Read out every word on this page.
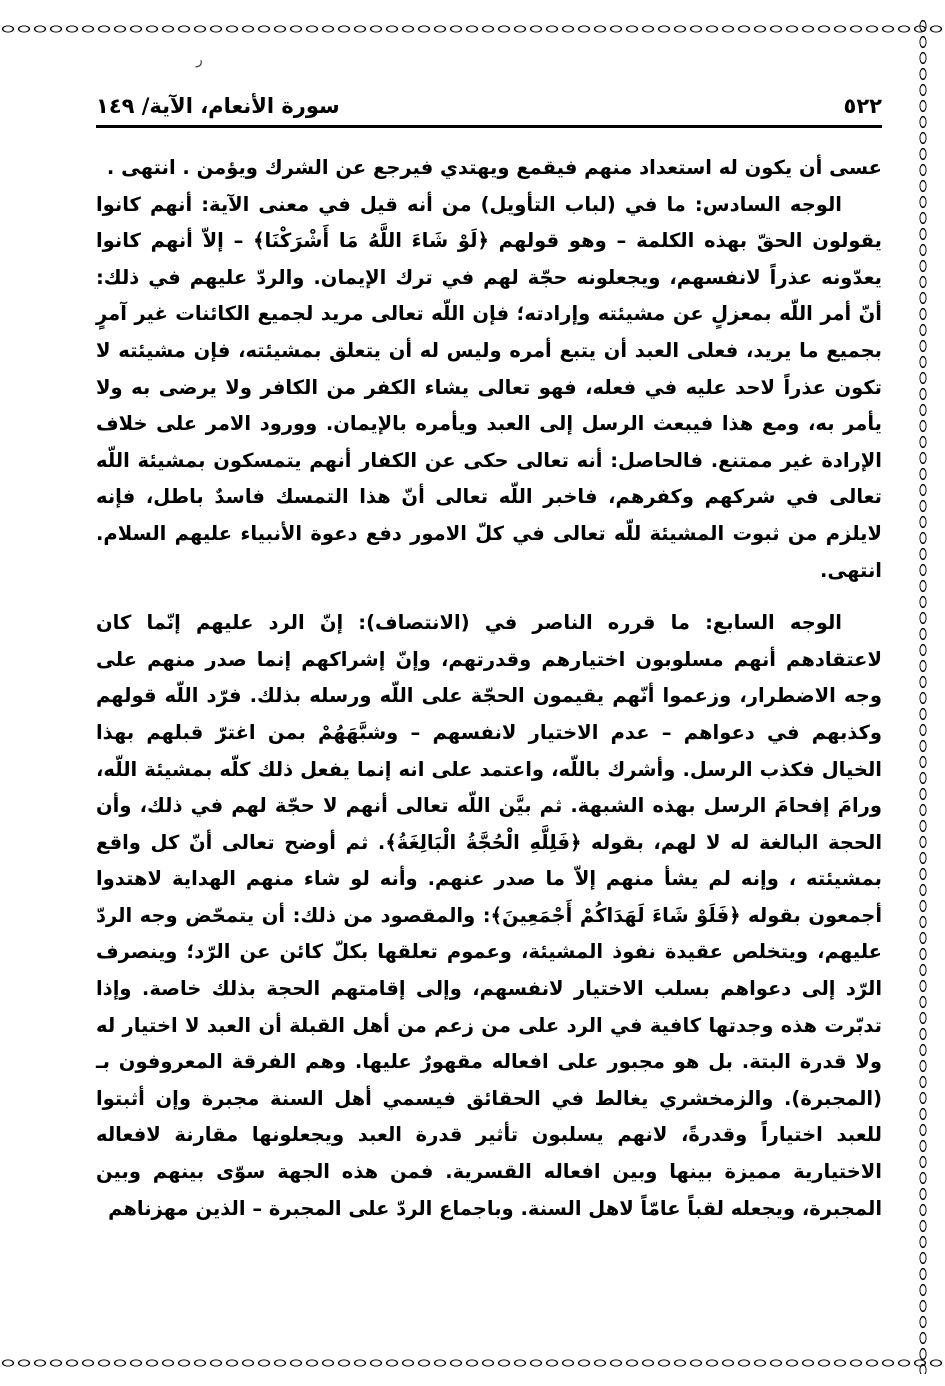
ر
٥٢٢
سورة الأنعام، الآية/ ١٤٩

عسى أن يكون له استعداد منهم فيقمع ويهتدي فيرجع عن الشرك ويؤمن . انتهى .

الوجه السادس: ما في (لباب التأويل) من أنه قيل في معنى الآية: أنهم كانوا يقولون الحقّ بهذه الكلمة – وهو قولهم ﴿لَوْ شَاءَ اللَّهُ مَا أَشْرَكْنَا﴾ – إلاّ أنهم كانوا يعدّونه عذراً لانفسهم، ويجعلونه حجّة لهم في ترك الإيمان. والردّ عليهم في ذلك: أنّ أمر اللّه بمعزلٍ عن مشيئته وإرادته؛ فإن اللّه تعالى مريد لجميع الكائنات غير آمرٍ بجميع ما يريد، فعلى العبد أن يتبع أمره وليس له أن يتعلق بمشيئته، فإن مشيئته لا تكون عذراً لاحد عليه في فعله، فهو تعالى يشاء الكفر من الكافر ولا يرضى به ولا يأمر به، ومع هذا فيبعث الرسل إلى العبد ويأمره بالإيمان. وورود الامر على خلاف الإرادة غير ممتنع. فالحاصل: أنه تعالى حكى عن الكفار أنهم يتمسكون بمشيئة اللّه تعالى في شركهم وكفرهم، فاخبر اللّه تعالى أنّ هذا التمسك فاسدٌ باطل، فإنه لايلزم من ثبوت المشيئة للّه تعالى في كلّ الامور دفع دعوة الأنبياء عليهم السلام. انتهى.

الوجه السابع: ما قرره الناصر في (الانتصاف): إنّ الرد عليهم إنّما كان لاعتقادهم أنهم مسلوبون اختيارهم وقدرتهم، وإنّ إشراكهم إنما صدر منهم على وجه الاضطرار، وزعموا أنّهم يقيمون الحجّة على اللّه ورسله بذلك. فرّد اللّه قولهم وكذبهم في دعواهم – عدم الاختيار لانفسهم – وشبَّهَهُمْ بمن اغترّ قبلهم بهذا الخيال فكذب الرسل. وأشرك باللّه، واعتمد على انه إنما يفعل ذلك كلّه بمشيئة اللّه، ورامَ إفحامَ الرسل بهذه الشبهة. ثم بيَّن اللّه تعالى أنهم لا حجّة لهم في ذلك، وأن الحجة البالغة له لا لهم، بقوله ﴿فَلِلَّهِ الْحُجَّةُ الْبَالِغَةُ﴾. ثم أوضح تعالى أنّ كل واقع بمشيئته ، وإنه لم يشأ منهم إلاّ ما صدر عنهم. وأنه لو شاء منهم الهداية لاهتدوا أجمعون بقوله ﴿فَلَوْ شَاءَ لَهَدَاكُمْ أَجْمَعِينَ﴾: والمقصود من ذلك: أن يتمحّض وجه الردّ عليهم، ويتخلص عقيدة نفوذ المشيئة، وعموم تعلقها بكلّ كائن عن الرّد؛ وينصرف الرّد إلى دعواهم بسلب الاختيار لانفسهم، وإلى إقامتهم الحجة بذلك خاصة. وإذا تدبّرت هذه وجدتها كافية في الرد على من زعم من أهل القبلة أن العبد لا اختيار له ولا قدرة البتة. بل هو مجبور على افعاله مقهورٌ عليها. وهم الفرقة المعروفون بـ (المجبرة). والزمخشري يغالط في الحقائق فيسمي أهل السنة مجبرة وإن أثبتوا للعبد اختياراً وقدرةً، لانهم يسلبون تأثير قدرة العبد ويجعلونها مقارنة لافعاله الاختيارية مميزة بينها وبين افعاله القسرية. فمن هذه الجهة سوّى بينهم وبين المجبرة، ويجعله لقباً عامّاً لاهل السنة. وباجماع الردّ على المجبرة – الذين مهزناهم
